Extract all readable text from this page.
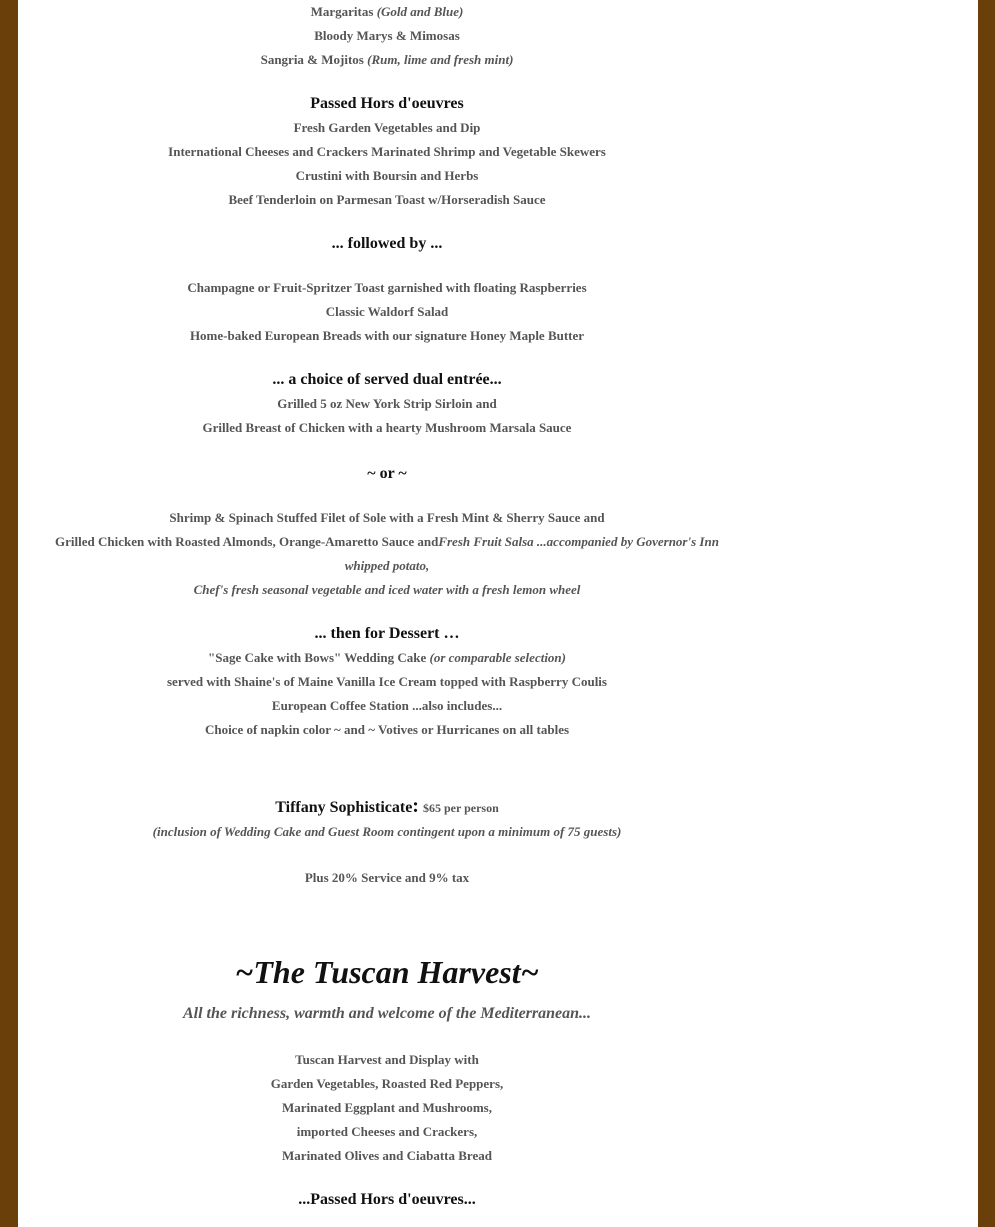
Margaritas (Gold and Blue)
Bloody Marys & Mimosas
Sangria & Mojitos (Rum, lime and fresh mint)
Passed Hors d'oeuvres
Fresh Garden Vegetables and Dip
International Cheeses and Crackers Marinated Shrimp and Vegetable Skewers
Crustini with Boursin and Herbs
Beef Tenderloin on Parmesan Toast w/Horseradish Sauce
... followed by ...
Champagne or Fruit-Spritzer Toast garnished with floating Raspberries
Classic Waldorf Salad
Home-baked European Breads with our signature Honey Maple Butter
... a choice of served dual entrée...
Grilled 5 oz New York Strip Sirloin and
Grilled Breast of Chicken with a hearty Mushroom Marsala Sauce
~ or ~
Shrimp & Spinach Stuffed Filet of Sole with a Fresh Mint & Sherry Sauce and
Grilled Chicken with Roasted Almonds, Orange-Amaretto Sauce andFresh Fruit Salsa ...accompanied by Governor's Inn
whipped potato,
Chef's fresh seasonal vegetable and iced water with a fresh lemon wheel
... then for Dessert …
"Sage Cake with Bows" Wedding Cake (or comparable selection)
served with Shaine's of Maine Vanilla Ice Cream topped with Raspberry Coulis
European Coffee Station ...also includes...
Choice of napkin color ~ and ~ Votives or Hurricanes on all tables
Tiffany Sophisticate: $65 per person
(inclusion of Wedding Cake and Guest Room contingent upon a minimum of 75 guests)
Plus 20% Service and 9% tax
~The Tuscan Harvest~
All the richness, warmth and welcome of the Mediterranean...
Tuscan Harvest and Display with
Garden Vegetables, Roasted Red Peppers,
Marinated Eggplant and Mushrooms,
imported Cheeses and Crackers,
Marinated Olives and Ciabatta Bread
...Passed Hors d'oeuvres...
